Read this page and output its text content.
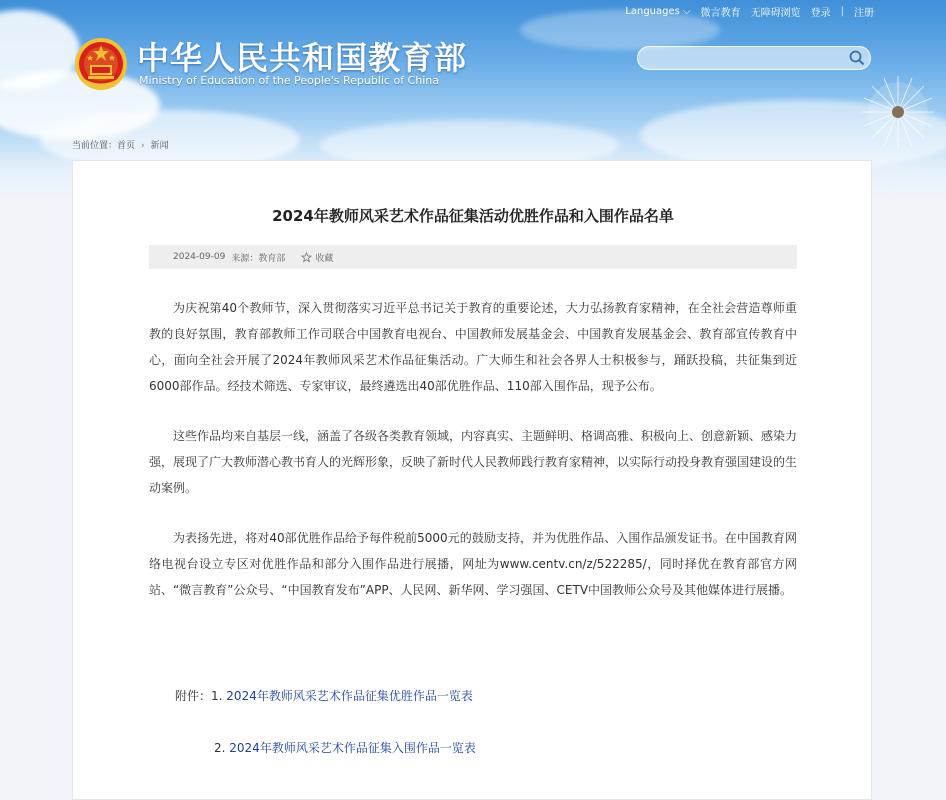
Languages ⌵ 微言教育 无障碍浏览 登录 | 注册
中华人民共和国教育部
Ministry of Education of the People's Republic of China
当前位置：首页 › 新闻
2024年教师风采艺术作品征集活动优胜作品和入围作品名单
2024-09-09 来源：教育部	收藏

为庆祝第40个教师节，深入贯彻落实习近平总书记关于教育的重要论述，大力弘扬教育家精神，在全社会营造尊师重教的良好氛围，教育部教师工作司联合中国教育电视台、中国教师发展基金会、中国教育发展基金会、教育部宣传教育中心，面向全社会开展了2024年教师风采艺术作品征集活动。广大师生和社会各界人士积极参与，踊跃投稿，共征集到近6000部作品。经技术筛选、专家审议，最终遴选出40部优胜作品、110部入围作品，现予公布。

这些作品均来自基层一线，涵盖了各级各类教育领域，内容真实、主题鲜明、格调高雅、积极向上、创意新颖、感染力强，展现了广大教师潜心教书育人的光辉形象，反映了新时代人民教师践行教育家精神，以实际行动投身教育强国建设的生动案例。

为表扬先进，将对40部优胜作品给予每件税前5000元的鼓励支持，并为优胜作品、入围作品颁发证书。在中国教育网络电视台设立专区对优胜作品和部分入围作品进行展播，网址为www.centv.cn/z/522285/，同时择优在教育部官方网站、“微言教育”公众号、“中国教育发布”APP、人民网、新华网、学习强国、CETV中国教师公众号及其他媒体进行展播。

附件：1. 2024年教师风采艺术作品征集优胜作品一览表
2. 2024年教师风采艺术作品征集入围作品一览表
